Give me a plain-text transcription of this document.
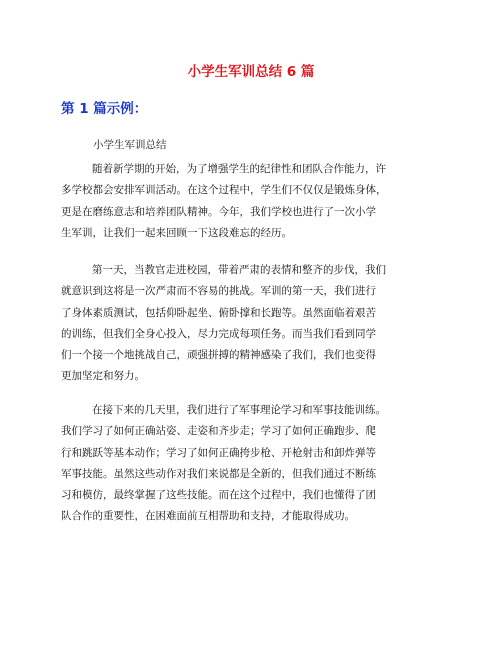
小学生军训总结 6 篇
第 1 篇示例：
小学生军训总结
随着新学期的开始，为了增强学生的纪律性和团队合作能力，许
多学校都会安排军训活动。在这个过程中，学生们不仅仅是锻炼身体，
更是在磨练意志和培养团队精神。今年，我们学校也进行了一次小学
生军训，让我们一起来回顾一下这段难忘的经历。
第一天，当教官走进校园，带着严肃的表情和整齐的步伐，我们
就意识到这将是一次严肃而不容易的挑战。军训的第一天，我们进行
了身体素质测试，包括仰卧起坐、俯卧撑和长跑等。虽然面临着艰苦
的训练，但我们全身心投入，尽力完成每项任务。而当我们看到同学
们一个接一个地挑战自己，顽强拼搏的精神感染了我们，我们也变得
更加坚定和努力。
在接下来的几天里，我们进行了军事理论学习和军事技能训练。
我们学习了如何正确站姿、走姿和齐步走；学习了如何正确跑步、爬
行和跳跃等基本动作；学习了如何正确挎步枪、开枪射击和卸炸弹等
军事技能。虽然这些动作对我们来说都是全新的，但我们通过不断练
习和模仿，最终掌握了这些技能。而在这个过程中，我们也懂得了团
队合作的重要性，在困难面前互相帮助和支持，才能取得成功。
